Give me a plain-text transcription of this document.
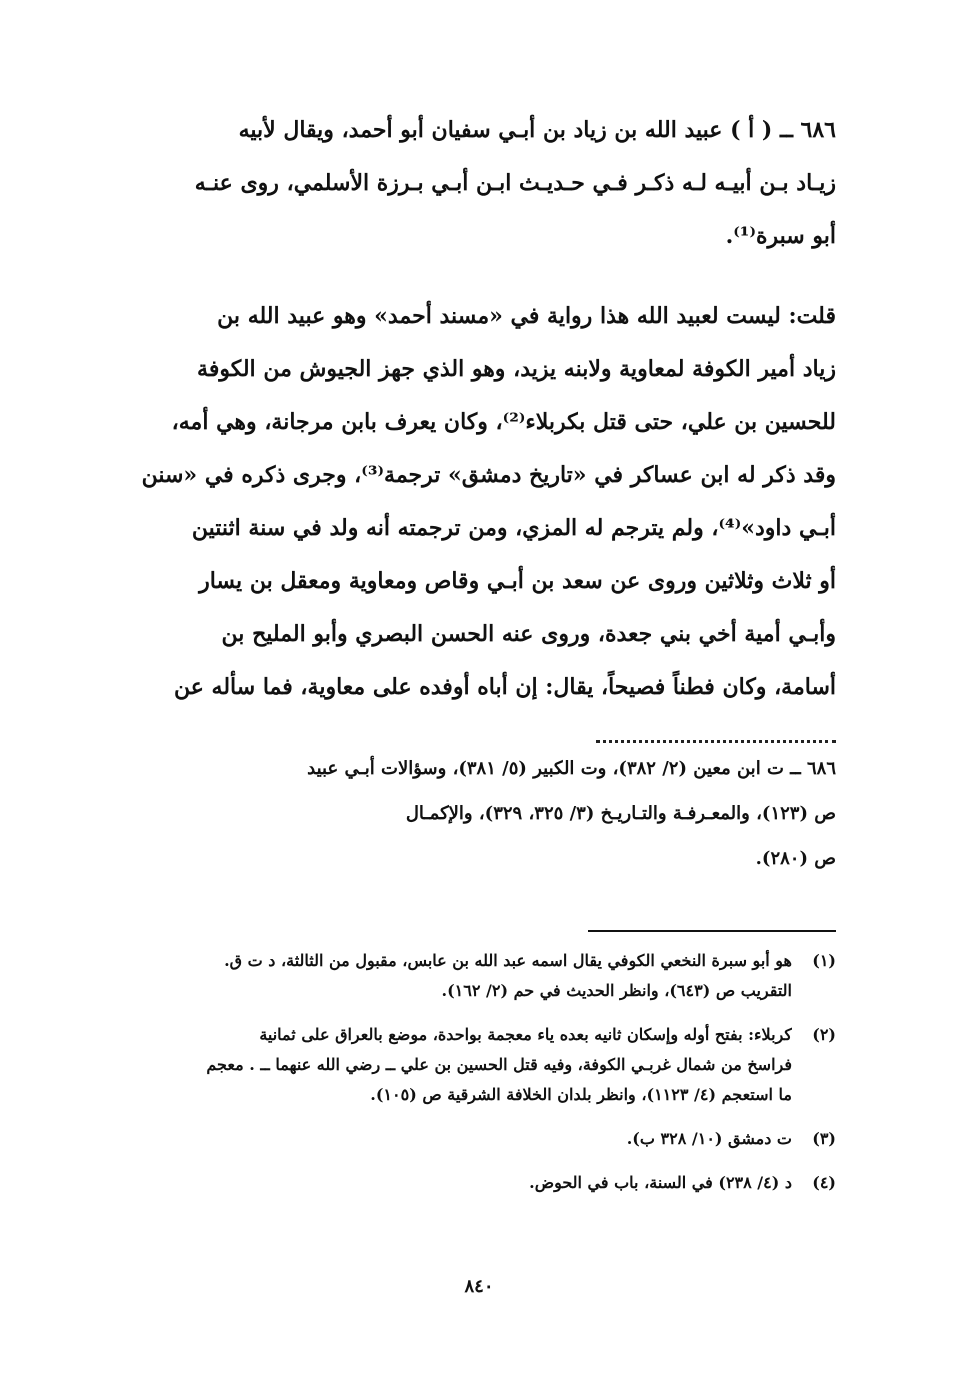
٦٨٦ ــ ( أ ) عبيد الله بن زياد بن أبـي سفيان أبو أحمد، ويقال لأبيه
زيـاد بـن أبيـه لـه ذكـر فـي حـديـث ابـن أبـي بـرزة الأسلمي، روى عنـه
أبو سبرة⁽¹⁾.
قلت: ليست لعبيد الله هذا رواية في «مسند أحمد» وهو عبيد الله بن
زياد أمير الكوفة لمعاوية ولابنه يزيد، وهو الذي جهز الجيوش من الكوفة
للحسين بن علي، حتى قتل بكربلاء⁽²⁾، وكان يعرف بابن مرجانة، وهي أمه،
وقد ذكر له ابن عساكر في «تاريخ دمشق» ترجمة⁽³⁾، وجرى ذكره في «سنن
أبـي داود»⁽⁴⁾، ولم يترجم له المزي، ومن ترجمته أنه ولد في سنة اثنتين
أو ثلاث وثلاثين وروى عن سعد بن أبـي وقاص ومعاوية ومعقل بن يسار
وأبـي أمية أخي بني جعدة، وروى عنه الحسن البصري وأبو المليح بن
أسامة، وكان فطناً فصيحاً، يقال: إن أباه أوفده على معاوية، فما سأله عن
٦٨٦ ــ ت ابن معين (٢/ ٣٨٢)، وت الكبير (٥/ ٣٨١)، وسؤالات أبـي عبيد
ص (١٢٣)، والمعـرفـة والتـاريـخ (٣/ ٣٢٥، ٣٢٩)، والإكمـال
ص (٢٨٠).
(١)
هو أبو سبرة النخعي الكوفي يقال اسمه عبد الله بن عابس، مقبول من الثالثة، د ت ق.
التقريب ص (٦٤٣)، وانظر الحديث في حم (٢/ ١٦٢).
(٢)
كربلاء: بفتح أوله وإسكان ثانيه بعده ياء معجمة بواحدة، موضع بالعراق على ثمانية
فراسخ من شمال غربـي الكوفة، وفيه قتل الحسين بن علي ــ رضي الله عنهما ــ . معجم
ما استعجم (٤/ ١١٢٣)، وانظر بلدان الخلافة الشرقية ص (١٠٥).
(٣)
ت دمشق (١٠/ ٣٢٨ ب).
(٤)
د (٤/ ٢٣٨) في السنة، باب في الحوض.
٨٤٠
